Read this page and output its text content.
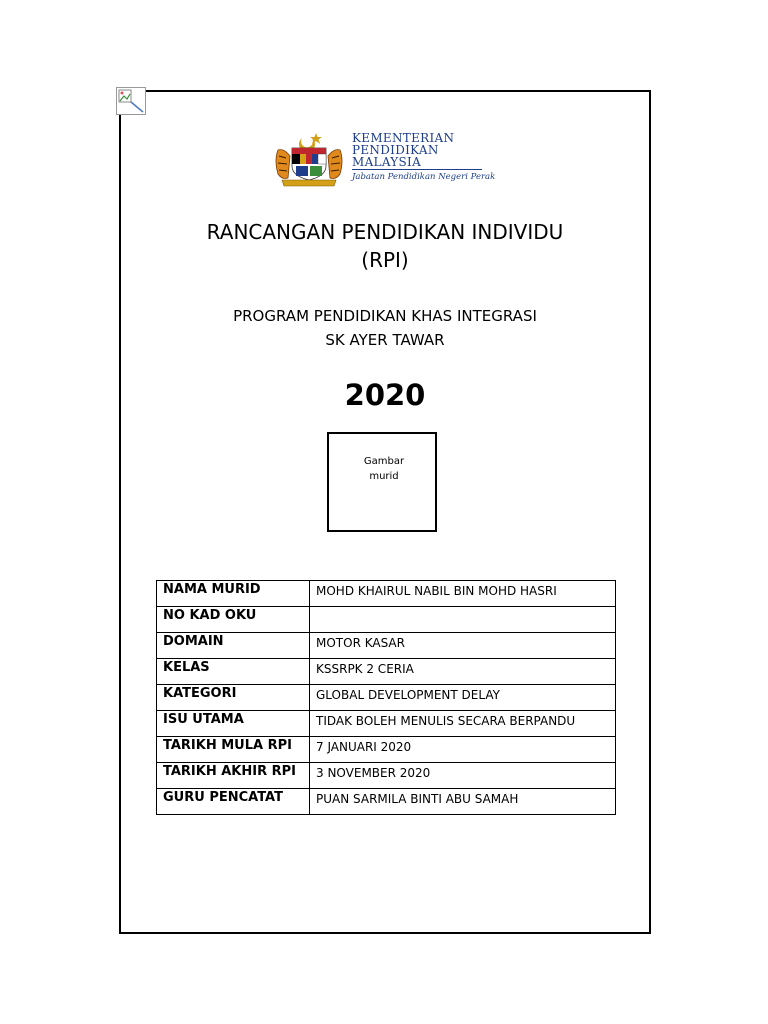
KEMENTERIAN
PENDIDIKAN
MALAYSIA
Jabatan Pendidikan Negeri Perak
RANCANGAN PENDIDIKAN INDIVIDU
(RPI)
PROGRAM PENDIDIKAN KHAS INTEGRASI
SK AYER TAWAR
2020
Gambar
murid
NAMA MURID	MOHD KHAIRUL NABIL BIN MOHD HASRI
NO KAD OKU	
DOMAIN	MOTOR KASAR
KELAS	KSSRPK 2 CERIA
KATEGORI	GLOBAL DEVELOPMENT DELAY
ISU UTAMA	TIDAK BOLEH MENULIS SECARA BERPANDU
TARIKH MULA RPI	7 JANUARI 2020
TARIKH AKHIR RPI	3 NOVEMBER 2020
GURU PENCATAT	PUAN SARMILA BINTI ABU SAMAH
